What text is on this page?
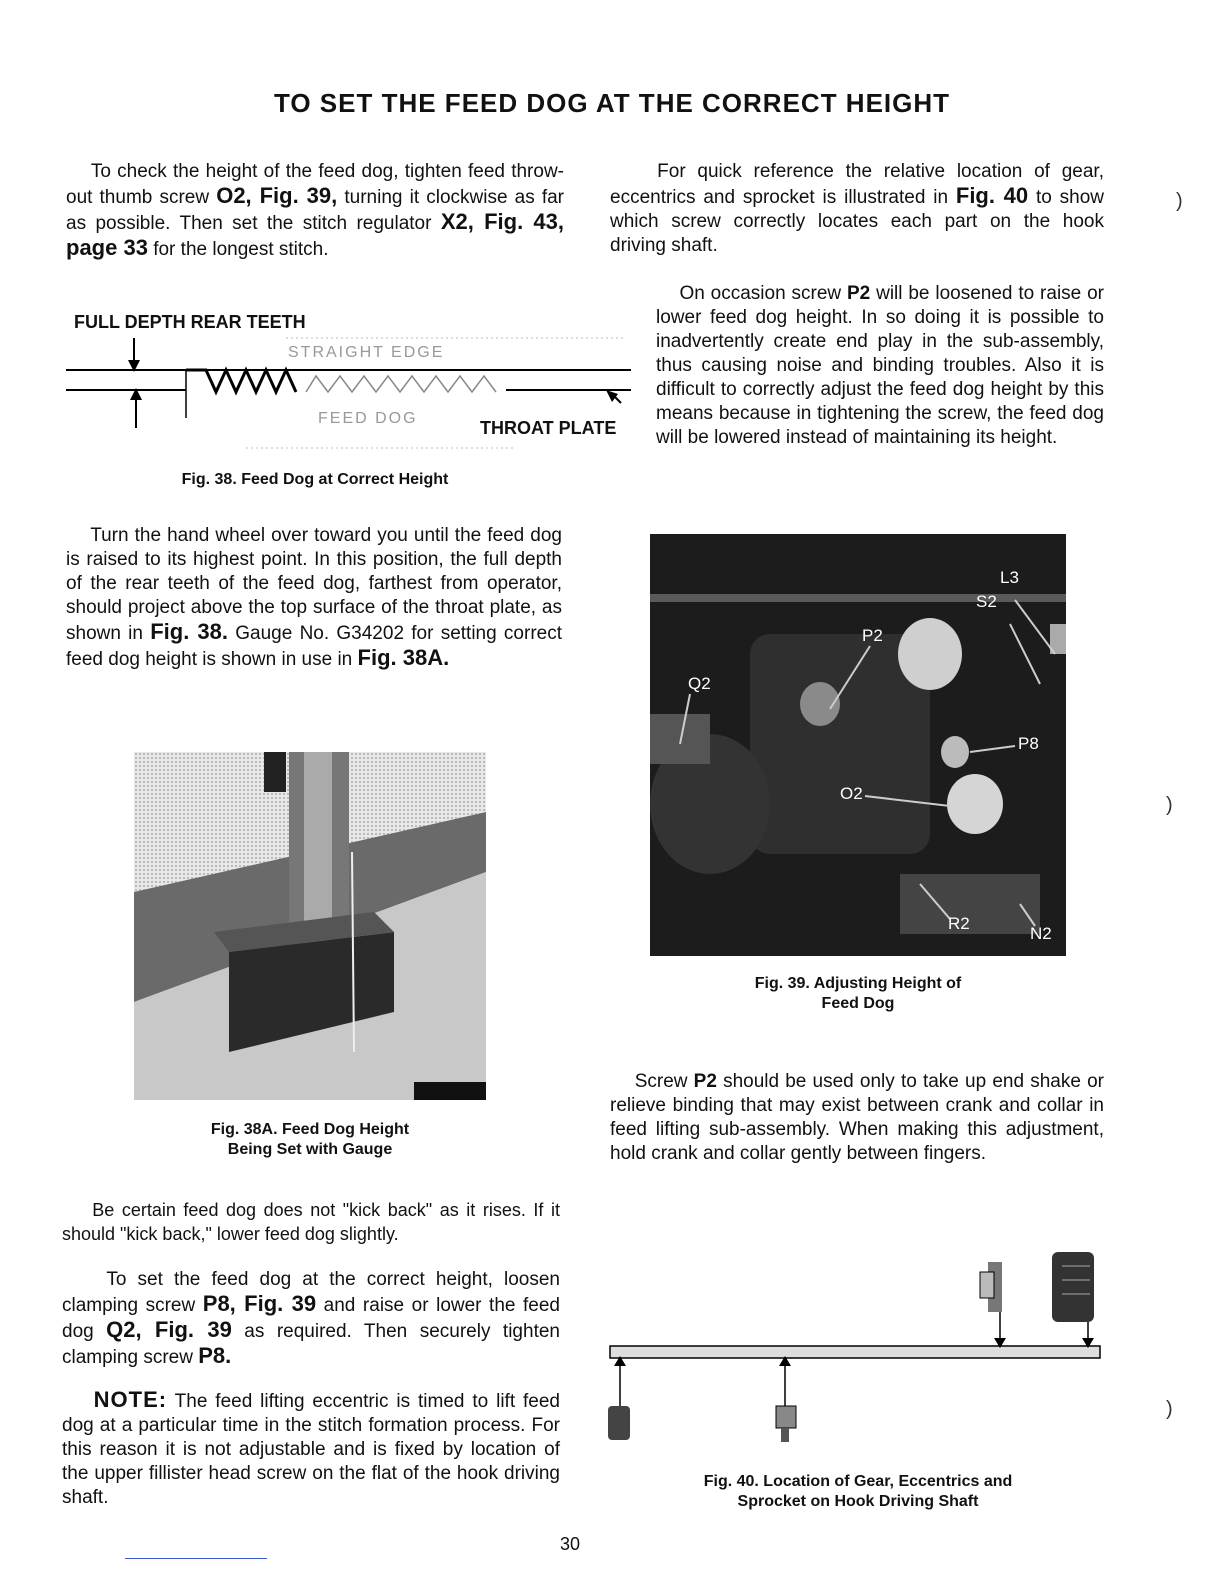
TO SET THE FEED DOG AT THE CORRECT HEIGHT
To check the height of the feed dog, tighten feed throw-out thumb screw O2, Fig. 39, turning it clockwise as far as possible. Then set the stitch regulator X2, Fig. 43, page 33 for the longest stitch.
FULL DEPTH REAR TEETH
STRAIGHT EDGE
FEED DOG	THROAT PLATE
Fig. 38. Feed Dog at Correct Height
Turn the hand wheel over toward you until the feed dog is raised to its highest point. In this position, the full depth of the rear teeth of the feed dog, farthest from operator, should project above the top surface of the throat plate, as shown in Fig. 38. Gauge No. G34202 for setting correct feed dog height is shown in use in Fig. 38A.
Fig. 38A. Feed Dog Height
Being Set with Gauge
Be certain feed dog does not "kick back" as it rises. If it should "kick back," lower feed dog slightly.
To set the feed dog at the correct height, loosen clamping screw P8, Fig. 39 and raise or lower the feed dog Q2, Fig. 39 as required. Then securely tighten clamping screw P8.
NOTE: The feed lifting eccentric is timed to lift feed dog at a particular time in the stitch formation process. For this reason it is not adjustable and is fixed by location of the upper fillister head screw on the flat of the hook driving shaft.
For quick reference the relative location of gear, eccentrics and sprocket is illustrated in Fig. 40 to show which screw correctly locates each part on the hook driving shaft.
On occasion screw P2 will be loosened to raise or lower feed dog height. In so doing it is possible to inadvertently create end play in the sub-assembly, thus causing noise and binding troubles. Also it is difficult to correctly adjust the feed dog height by this means because in tightening the screw, the feed dog will be lowered instead of maintaining its height.
L3
S2
P2
Q2
P8
O2
R2
N2
Fig. 39. Adjusting Height of
Feed Dog
Screw P2 should be used only to take up end shake or relieve binding that may exist between crank and collar in feed lifting sub-assembly. When making this adjustment, hold crank and collar gently between fingers.
Fig. 40. Location of Gear, Eccentrics and
Sprocket on Hook Driving Shaft
)
)
)
30
